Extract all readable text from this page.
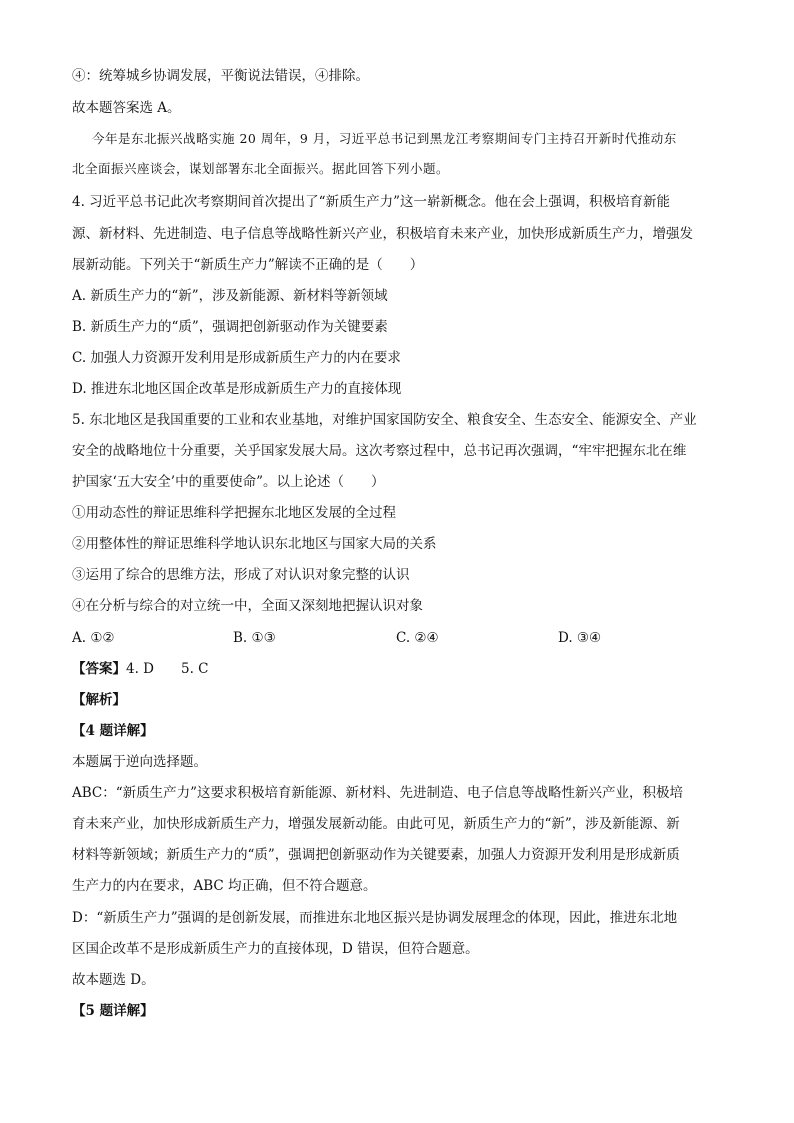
④：统筹城乡协调发展，平衡说法错误，④排除。
故本题答案选 A。
今年是东北振兴战略实施 20 周年，9 月，习近平总书记到黑龙江考察期间专门主持召开新时代推动东
北全面振兴座谈会，谋划部署东北全面振兴。据此回答下列小题。
4. 习近平总书记此次考察期间首次提出了“新质生产力”这一崭新概念。他在会上强调，积极培育新能
源、新材料、先进制造、电子信息等战略性新兴产业，积极培育未来产业，加快形成新质生产力，增强发
展新动能。下列关于“新质生产力”解读不正确的是（　　）
A. 新质生产力的“新”，涉及新能源、新材料等新领域
B. 新质生产力的“质”，强调把创新驱动作为关键要素
C. 加强人力资源开发利用是形成新质生产力的内在要求
D. 推进东北地区国企改革是形成新质生产力的直接体现
5. 东北地区是我国重要的工业和农业基地，对维护国家国防安全、粮食安全、生态安全、能源安全、产业
安全的战略地位十分重要，关乎国家发展大局。这次考察过程中，总书记再次强调，“牢牢把握东北在维
护国家‘五大安全’中的重要使命”。以上论述（　　）
①用动态性的辩证思维科学把握东北地区发展的全过程
②用整体性的辩证思维科学地认识东北地区与国家大局的关系
③运用了综合的思维方法，形成了对认识对象完整的认识
④在分析与综合的对立统一中，全面又深刻地把握认识对象
A. ①②	B. ①③	C. ②④	D. ③④
【答案】4. D　　5. C
【解析】
【4 题详解】
本题属于逆向选择题。
ABC：“新质生产力”这要求积极培育新能源、新材料、先进制造、电子信息等战略性新兴产业，积极培
育未来产业，加快形成新质生产力，增强发展新动能。由此可见，新质生产力的“新”，涉及新能源、新
材料等新领域；新质生产力的“质”，强调把创新驱动作为关键要素，加强人力资源开发利用是形成新质
生产力的内在要求，ABC 均正确，但不符合题意。
D：“新质生产力”强调的是创新发展，而推进东北地区振兴是协调发展理念的体现，因此，推进东北地
区国企改革不是形成新质生产力的直接体现，D 错误，但符合题意。
故本题选 D。
【5 题详解】
